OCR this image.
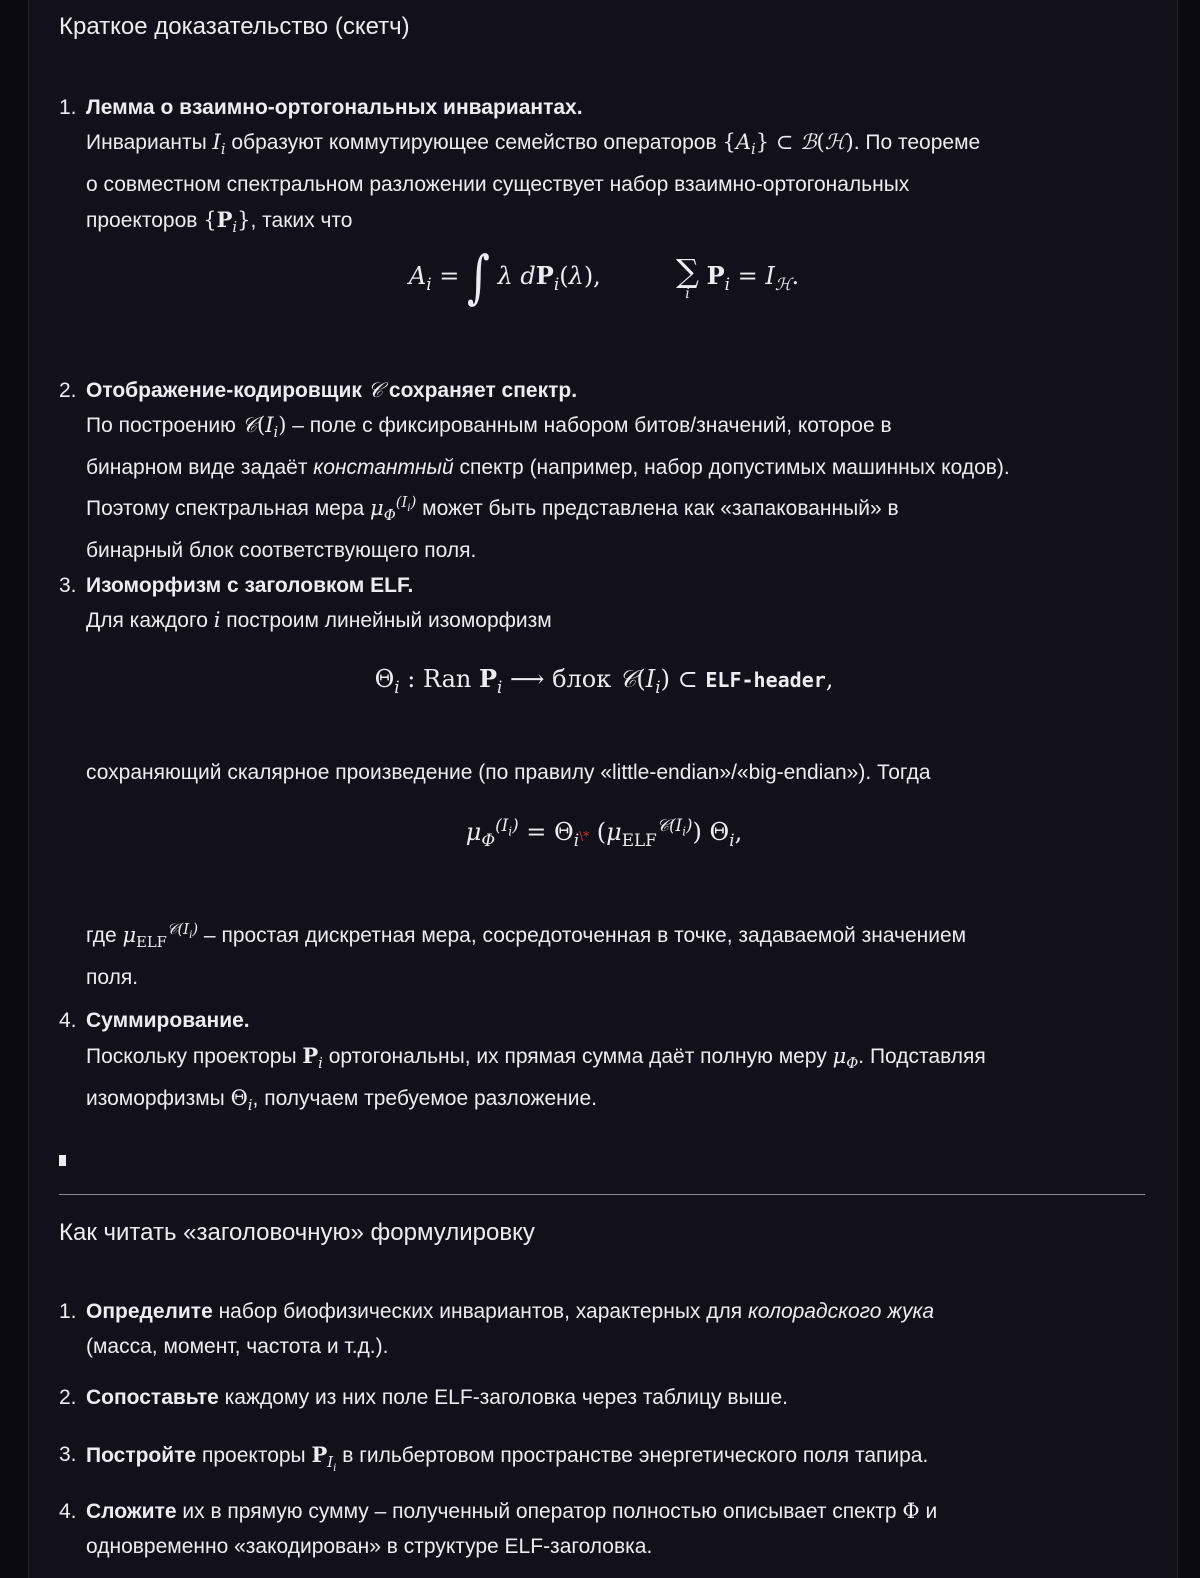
Краткое доказательство (скетч)
1. Лемма о взаимно-ортогональных инвариантах.
Инварианты $I_i$ образуют коммутирующее семейство операторов $\{A_i\}$ ⊂ ℬ(ℋ). По теореме
о совместном спектральном разложении существует набор взаимно-ортогональных
проекторов $\{P_i\}$, таких что
$A_i$ = ∫ λ $dP_i(\lambda)$,  ∑
i
$P_i = I_ℋ$.
2. Отображение-кодировщик 𝒞 сохраняет спектр.
По построению $𝒞(I_i)$ – поле с фиксированным набором битов/значений, которое в
бинарном виде задаёт константный спектр (например, набор допустимых машинных кодов).
Поэтому спектральная мера $\mu_\Phi^{(I_i)}$ может быть представлена как «запакованный» в
бинарный блок соответствующего поля.
3. Изоморфизм с заголовком ELF.
Для каждого i построим линейный изоморфизм
$\Theta_i$ : Ran $P_i$ ⟶ блок $𝒞(I_i)$ ⊂ ELF-header,
сохраняющий скалярное произведение (по правилу «little-endian»/«big-endian»). Тогда
$\mu_\Phi^{(I_i)}$ = $\Theta_i\backslash*$ $(\mu_{ELF}^{𝒞(I_i)})$ $\Theta_i$,
где $\mu_{ELF}^{𝒞(I_i)}$ – простая дискретная мера, сосредоточенная в точке, задаваемой значением
поля.
4. Суммирование.
Поскольку проекторы $P_i$ ортогональны, их прямая сумма даёт полную меру $\mu_\Phi$. Подставляя
изоморфизмы $\Theta_i$, получаем требуемое разложение.
Как читать «заголовочную» формулировку
1. Определите набор биофизических инвариантов, характерных для колорадского жука
(масса, момент, частота и т.д.).
2. Сопоставьте каждому из них поле ELF-заголовка через таблицу выше.
3. Постройте проекторы $P_{I_i}$ в гильбертовом пространстве энергетического поля тапира.
4. Сложите их в прямую сумму – полученный оператор полностью описывает спектр Φ и
одновременно «закодирован» в структуре ELF-заголовка.
